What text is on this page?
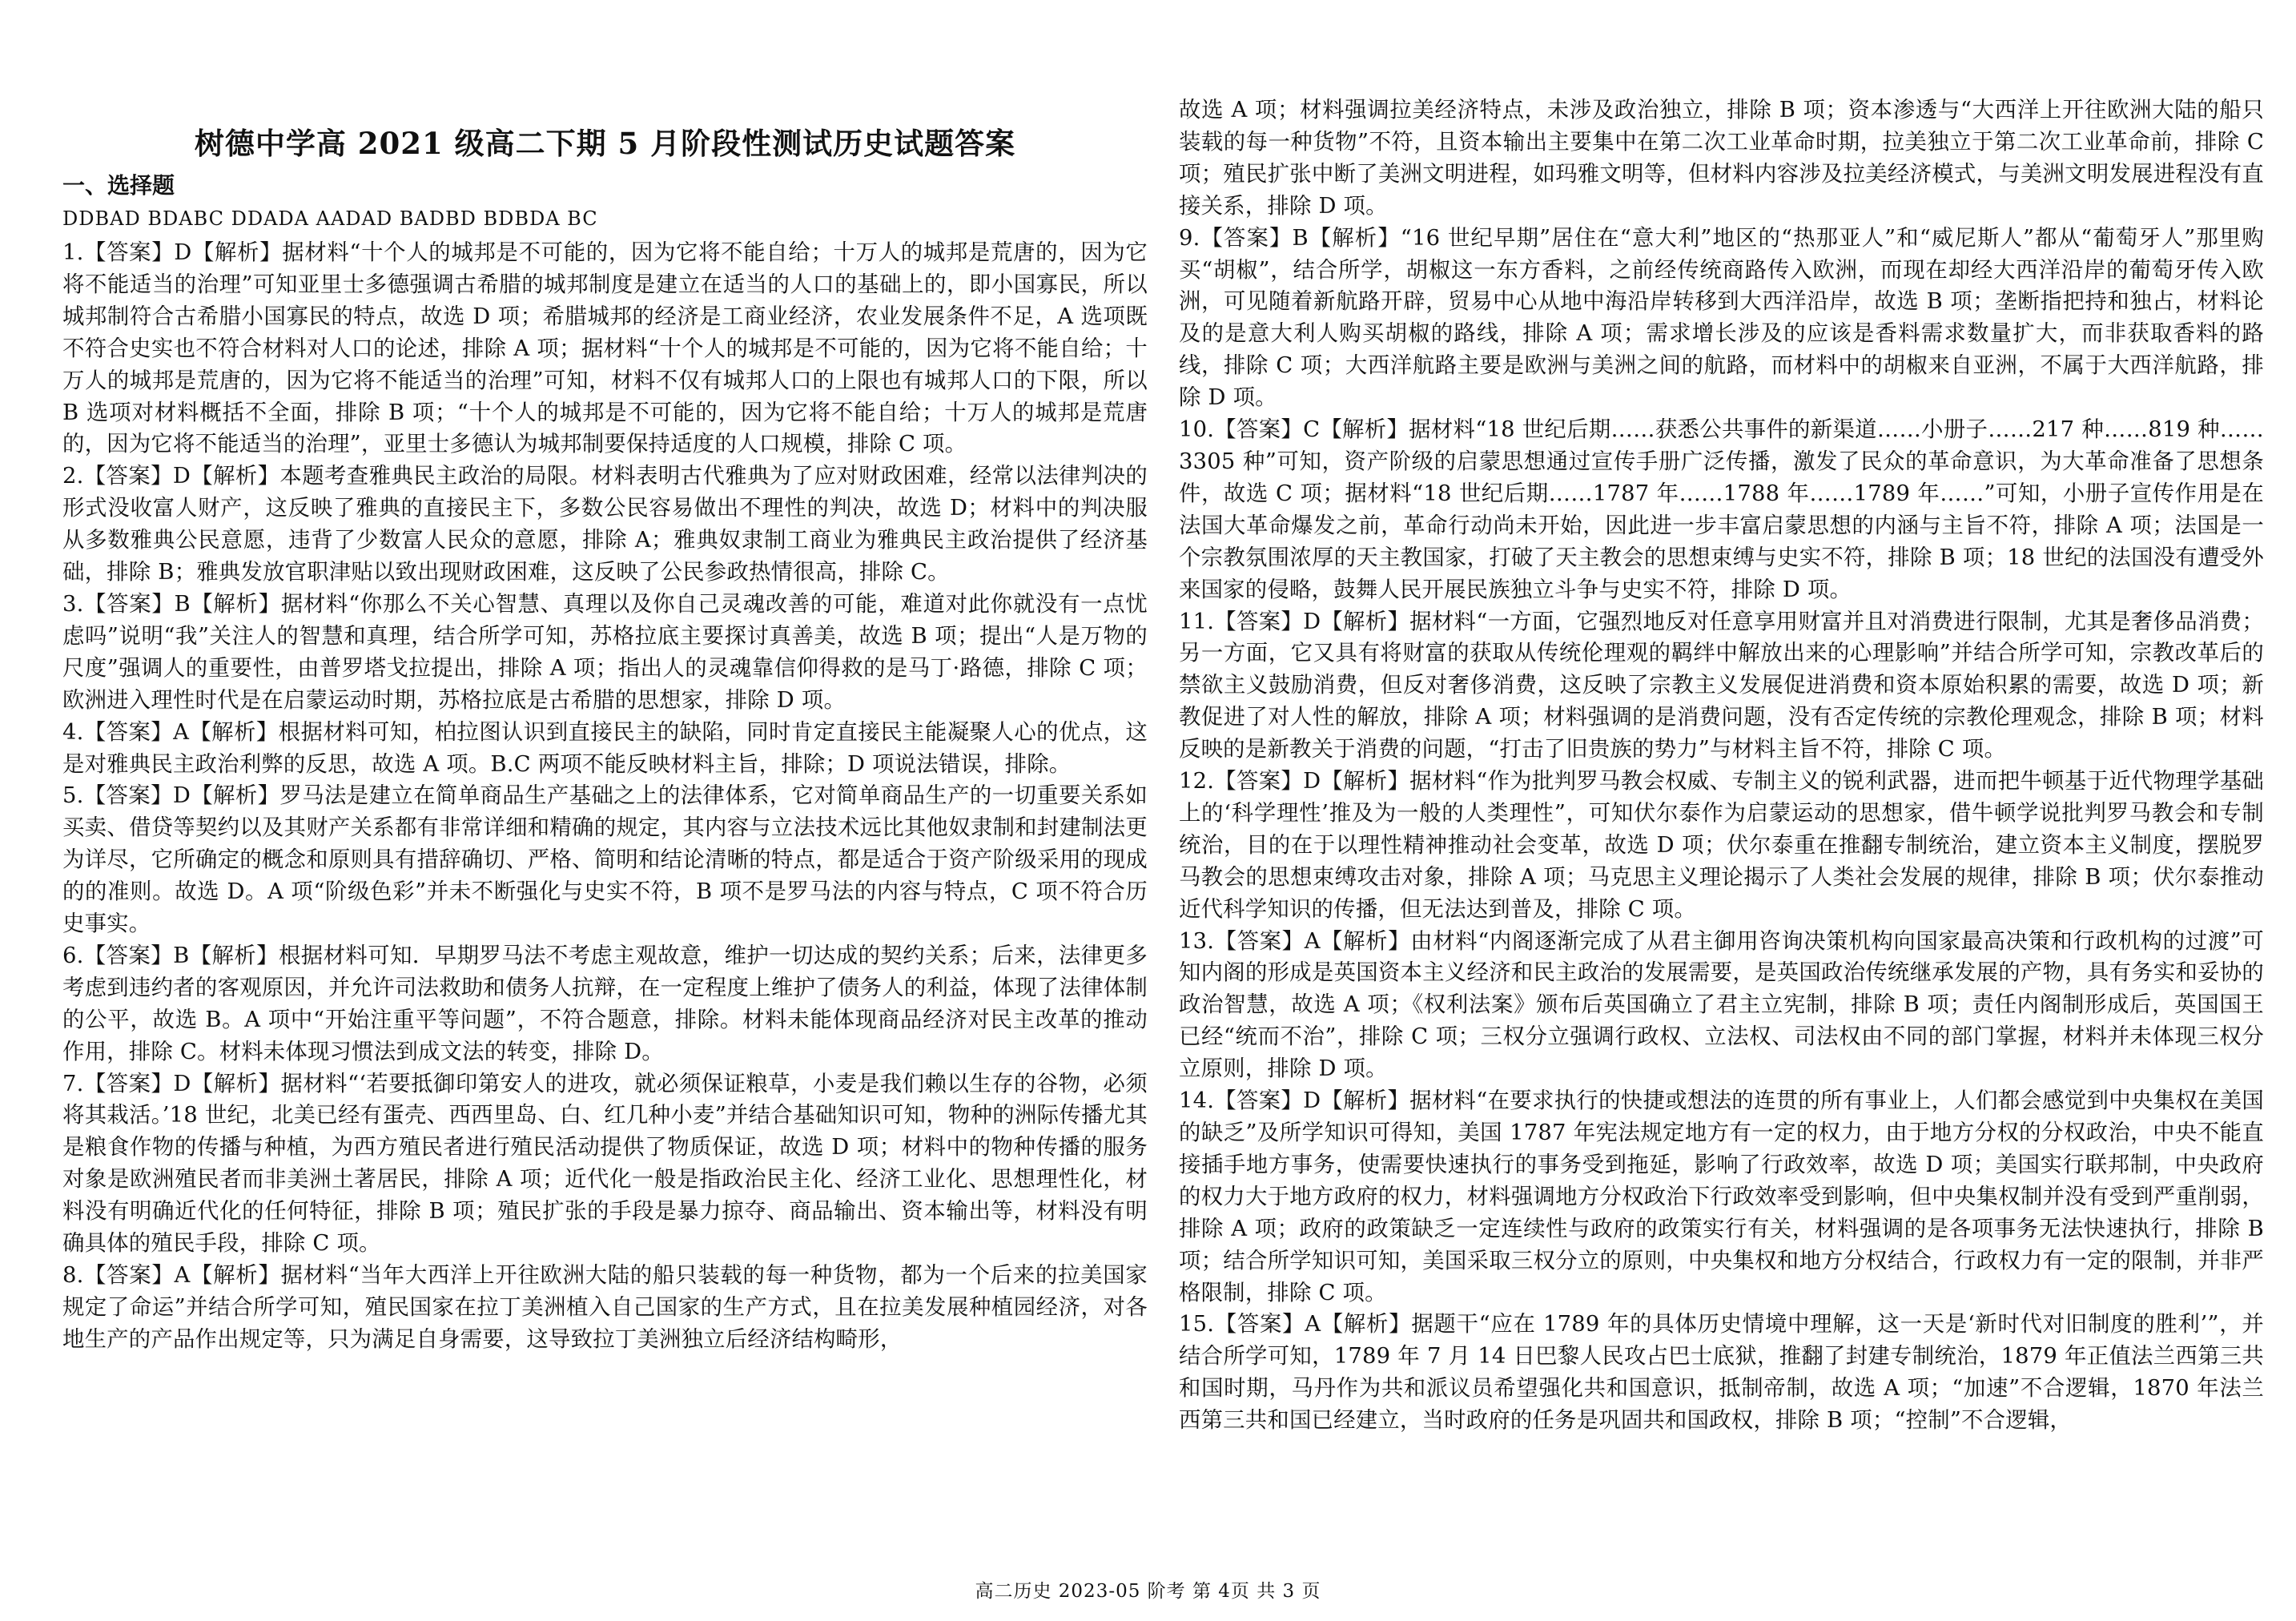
树德中学高 2021 级高二下期 5 月阶段性测试历史试题答案
一、选择题
DDBAD BDABC DDADA AADAD BADBD BDBDA BC

1.【答案】D【解析】据材料“十个人的城邦是不可能的，因为它将不能自给；十万人的城邦是荒唐的，因为它将不能适当的治理”可知亚里士多德强调古希腊的城邦制度是建立在适当的人口的基础上的，即小国寡民，所以城邦制符合古希腊小国寡民的特点，故选 D 项；希腊城邦的经济是工商业经济，农业发展条件不足，A 选项既不符合史实也不符合材料对人口的论述，排除 A 项；据材料“十个人的城邦是不可能的，因为它将不能自给；十万人的城邦是荒唐的，因为它将不能适当的治理”可知，材料不仅有城邦人口的上限也有城邦人口的下限，所以 B 选项对材料概括不全面，排除 B 项；“十个人的城邦是不可能的，因为它将不能自给；十万人的城邦是荒唐的，因为它将不能适当的治理”，亚里士多德认为城邦制要保持适度的人口规模，排除 C 项。

2.【答案】D【解析】本题考查雅典民主政治的局限。材料表明古代雅典为了应对财政困难，经常以法律判决的形式没收富人财产，这反映了雅典的直接民主下，多数公民容易做出不理性的判决，故选 D；材料中的判决服从多数雅典公民意愿，违背了少数富人民众的意愿，排除 A；雅典奴隶制工商业为雅典民主政治提供了经济基础，排除 B；雅典发放官职津贴以致出现财政困难，这反映了公民参政热情很高，排除 C。

3.【答案】B【解析】据材料“你那么不关心智慧、真理以及你自己灵魂改善的可能，难道对此你就没有一点忧虑吗”说明“我”关注人的智慧和真理，结合所学可知，苏格拉底主要探讨真善美，故选 B 项；提出“人是万物的尺度”强调人的重要性，由普罗塔戈拉提出，排除 A 项；指出人的灵魂靠信仰得救的是马丁·路德，排除 C 项；欧洲进入理性时代是在启蒙运动时期，苏格拉底是古希腊的思想家，排除 D 项。

4.【答案】A【解析】根据材料可知，柏拉图认识到直接民主的缺陷，同时肯定直接民主能凝聚人心的优点，这是对雅典民主政治利弊的反思，故选 A 项。B.C 两项不能反映材料主旨，排除；D 项说法错误，排除。

5.【答案】D【解析】罗马法是建立在简单商品生产基础之上的法律体系，它对简单商品生产的一切重要关系如买卖、借贷等契约以及其财产关系都有非常详细和精确的规定，其内容与立法技术远比其他奴隶制和封建制法更为详尽，它所确定的概念和原则具有措辞确切、严格、简明和结论清晰的特点，都是适合于资产阶级采用的现成的的准则。故选 D。A 项“阶级色彩”并未不断强化与史实不符，B 项不是罗马法的内容与特点，C 项不符合历史事实。

6.【答案】B【解析】根据材料可知．早期罗马法不考虑主观故意，维护一切达成的契约关系；后来，法律更多考虑到违约者的客观原因，并允许司法救助和债务人抗辩，在一定程度上维护了债务人的利益，体现了法律体制的公平，故选 B。A 项中“开始注重平等问题”，不符合题意，排除。材料未能体现商品经济对民主改革的推动作用，排除 C。材料未体现习惯法到成文法的转变，排除 D。

7.【答案】D【解析】据材料“‘若要抵御印第安人的进攻，就必须保证粮草，小麦是我们赖以生存的谷物，必须将其栽活。’18 世纪，北美已经有蛋壳、西西里岛、白、红几种小麦”并结合基础知识可知，物种的洲际传播尤其是粮食作物的传播与种植，为西方殖民者进行殖民活动提供了物质保证，故选 D 项；材料中的物种传播的服务对象是欧洲殖民者而非美洲土著居民，排除 A 项；近代化一般是指政治民主化、经济工业化、思想理性化，材料没有明确近代化的任何特征，排除 B 项；殖民扩张的手段是暴力掠夺、商品输出、资本输出等，材料没有明确具体的殖民手段，排除 C 项。

8.【答案】A【解析】据材料“当年大西洋上开往欧洲大陆的船只装载的每一种货物，都为一个后来的拉美国家规定了命运”并结合所学可知，殖民国家在拉丁美洲植入自己国家的生产方式，且在拉美发展种植园经济，对各地生产的产品作出规定等，只为满足自身需要，这导致拉丁美洲独立后经济结构畸形，

故选 A 项；材料强调拉美经济特点，未涉及政治独立，排除 B 项；资本渗透与“大西洋上开往欧洲大陆的船只装载的每一种货物”不符，且资本输出主要集中在第二次工业革命时期，拉美独立于第二次工业革命前，排除 C 项；殖民扩张中断了美洲文明进程，如玛雅文明等，但材料内容涉及拉美经济模式，与美洲文明发展进程没有直接关系，排除 D 项。

9.【答案】B【解析】“16 世纪早期”居住在“意大利”地区的“热那亚人”和“威尼斯人”都从“葡萄牙人”那里购买“胡椒”，结合所学，胡椒这一东方香料，之前经传统商路传入欧洲，而现在却经大西洋沿岸的葡萄牙传入欧洲，可见随着新航路开辟，贸易中心从地中海沿岸转移到大西洋沿岸，故选 B 项；垄断指把持和独占，材料论及的是意大利人购买胡椒的路线，排除 A 项；需求增长涉及的应该是香料需求数量扩大，而非获取香料的路线，排除 C 项；大西洋航路主要是欧洲与美洲之间的航路，而材料中的胡椒来自亚洲，不属于大西洋航路，排除 D 项。

10.【答案】C【解析】据材料“18 世纪后期……获悉公共事件的新渠道……小册子……217 种……819 种……3305 种”可知，资产阶级的启蒙思想通过宣传手册广泛传播，激发了民众的革命意识，为大革命准备了思想条件，故选 C 项；据材料“18 世纪后期……1787 年……1788 年……1789 年……”可知，小册子宣传作用是在法国大革命爆发之前，革命行动尚未开始，因此进一步丰富启蒙思想的内涵与主旨不符，排除 A 项；法国是一个宗教氛围浓厚的天主教国家，打破了天主教会的思想束缚与史实不符，排除 B 项；18 世纪的法国没有遭受外来国家的侵略，鼓舞人民开展民族独立斗争与史实不符，排除 D 项。

11.【答案】D【解析】据材料“一方面，它强烈地反对任意享用财富并且对消费进行限制，尤其是奢侈品消费；另一方面，它又具有将财富的获取从传统伦理观的羁绊中解放出来的心理影响”并结合所学可知，宗教改革后的禁欲主义鼓励消费，但反对奢侈消费，这反映了宗教主义发展促进消费和资本原始积累的需要，故选 D 项；新教促进了对人性的解放，排除 A 项；材料强调的是消费问题，没有否定传统的宗教伦理观念，排除 B 项；材料反映的是新教关于消费的问题，“打击了旧贵族的势力”与材料主旨不符，排除 C 项。

12.【答案】D【解析】据材料“作为批判罗马教会权威、专制主义的锐利武器，进而把牛顿基于近代物理学基础上的‘科学理性’推及为一般的人类理性”，可知伏尔泰作为启蒙运动的思想家，借牛顿学说批判罗马教会和专制统治，目的在于以理性精神推动社会变革，故选 D 项；伏尔泰重在推翻专制统治，建立资本主义制度，摆脱罗马教会的思想束缚攻击对象，排除 A 项；马克思主义理论揭示了人类社会发展的规律，排除 B 项；伏尔泰推动近代科学知识的传播，但无法达到普及，排除 C 项。

13.【答案】A【解析】由材料“内阁逐渐完成了从君主御用咨询决策机构向国家最高决策和行政机构的过渡”可知内阁的形成是英国资本主义经济和民主政治的发展需要，是英国政治传统继承发展的产物，具有务实和妥协的政治智慧，故选 A 项；《权利法案》颁布后英国确立了君主立宪制，排除 B 项；责任内阁制形成后，英国国王已经“统而不治”，排除 C 项；三权分立强调行政权、立法权、司法权由不同的部门掌握，材料并未体现三权分立原则，排除 D 项。

14.【答案】D【解析】据材料“在要求执行的快捷或想法的连贯的所有事业上，人们都会感觉到中央集权在美国的缺乏”及所学知识可得知，美国 1787 年宪法规定地方有一定的权力，由于地方分权的分权政治，中央不能直接插手地方事务，使需要快速执行的事务受到拖延，影响了行政效率，故选 D 项；美国实行联邦制，中央政府的权力大于地方政府的权力，材料强调地方分权政治下行政效率受到影响，但中央集权制并没有受到严重削弱，排除 A 项；政府的政策缺乏一定连续性与政府的政策实行有关，材料强调的是各项事务无法快速执行，排除 B 项；结合所学知识可知，美国采取三权分立的原则，中央集权和地方分权结合，行政权力有一定的限制，并非严格限制，排除 C 项。

15.【答案】A【解析】据题干“应在 1789 年的具体历史情境中理解，这一天是‘新时代对旧制度的胜利’”，并结合所学可知，1789 年 7 月 14 日巴黎人民攻占巴士底狱，推翻了封建专制统治，1879 年正值法兰西第三共和国时期，马丹作为共和派议员希望强化共和国意识，抵制帝制，故选 A 项；“加速”不合逻辑，1870 年法兰西第三共和国已经建立，当时政府的任务是巩固共和国政权，排除 B 项；“控制”不合逻辑，

高二历史 2023-05 阶考 第 4页 共 3 页
